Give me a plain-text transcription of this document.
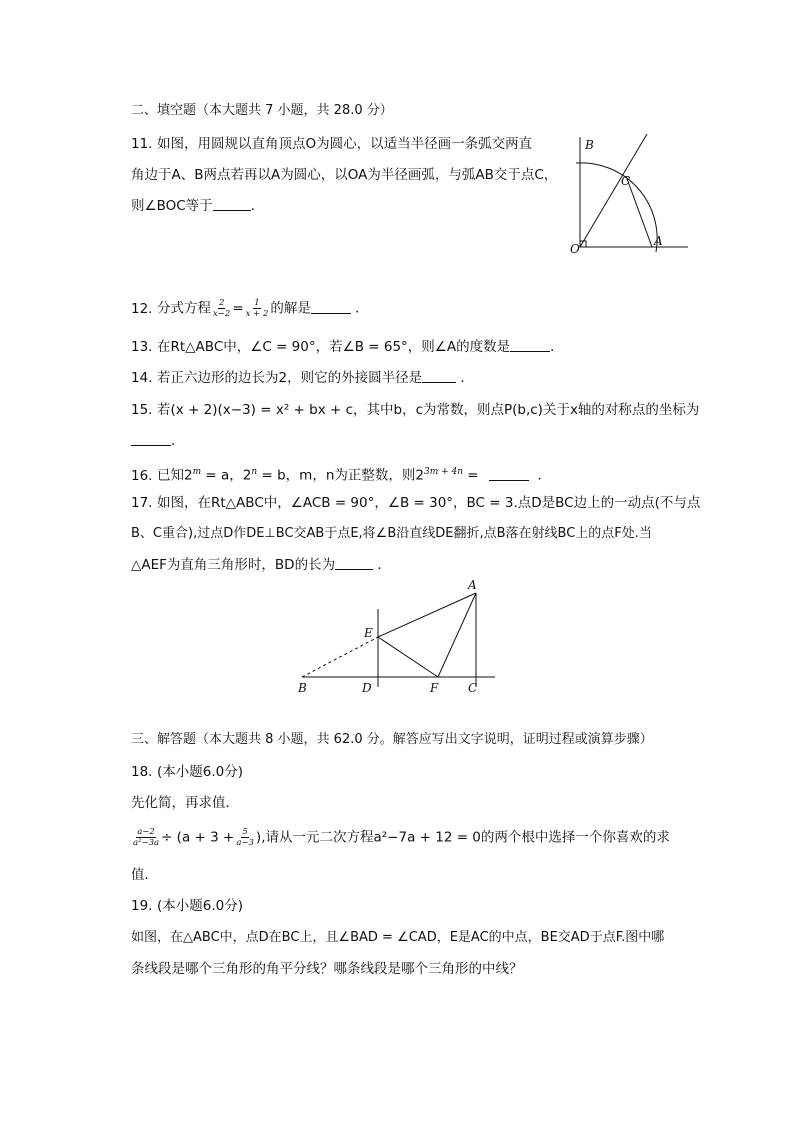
二、填空题（本大题共 7 小题，共 28.0 分）
11. 如图，用圆规以直角顶点O为圆心，以适当半径画一条弧交两直
角边于A、B两点若再以A为圆心，以OA为半径画弧，与弧AB交于点C，
则∠BOC等于	．
B
C
O
A
12. 分式方程 $\frac{2}{x-2} = \frac{1}{x + 2}$ 的解是	．
13. 在Rt△ABC中，∠C = 90°，若∠B = 65°，则∠A的度数是	．
14. 若正六边形的边长为2，则它的外接圆半径是	．
15. 若(x + 2)(x−3) = x² + bx + c，其中b，c为常数，则点P(b,c)关于x轴的对称点的坐标为
．
16. 已知$2^m = a$，$2^n = b$，m，n为正整数，则$2^{3m + 4n}$ =	．
17. 如图，在Rt△ABC中，∠ACB = 90°，∠B = 30°，BC = 3.点D是BC边上的一动点(不与点
B、C重合),过点D作DE⊥BC交AB于点E,将∠B沿直线DE翻折,点B落在射线BC上的点F处.当
△AEF为直角三角形时，BD的长为	．
A
E
B	D	F C
三、解答题（本大题共 8 小题，共 62.0 分。解答应写出文字说明，证明过程或演算步骤）
18. (本小题6.0分)
先化简，再求值．
$\frac{a-2}{\text{a²−3a}} \div (a + 3 + \frac{5}{a-3}$ ),请从一元二次方程a²−7a + 12 = 0的两个根中选择一个你喜欢的求
值．
19. (本小题6.0分)
如图，在△ABC中，点D在BC上，且∠BAD = ∠CAD，E是AC的中点，BE交AD于点F.图中哪
条线段是哪个三角形的角平分线？哪条线段是哪个三角形的中线？
